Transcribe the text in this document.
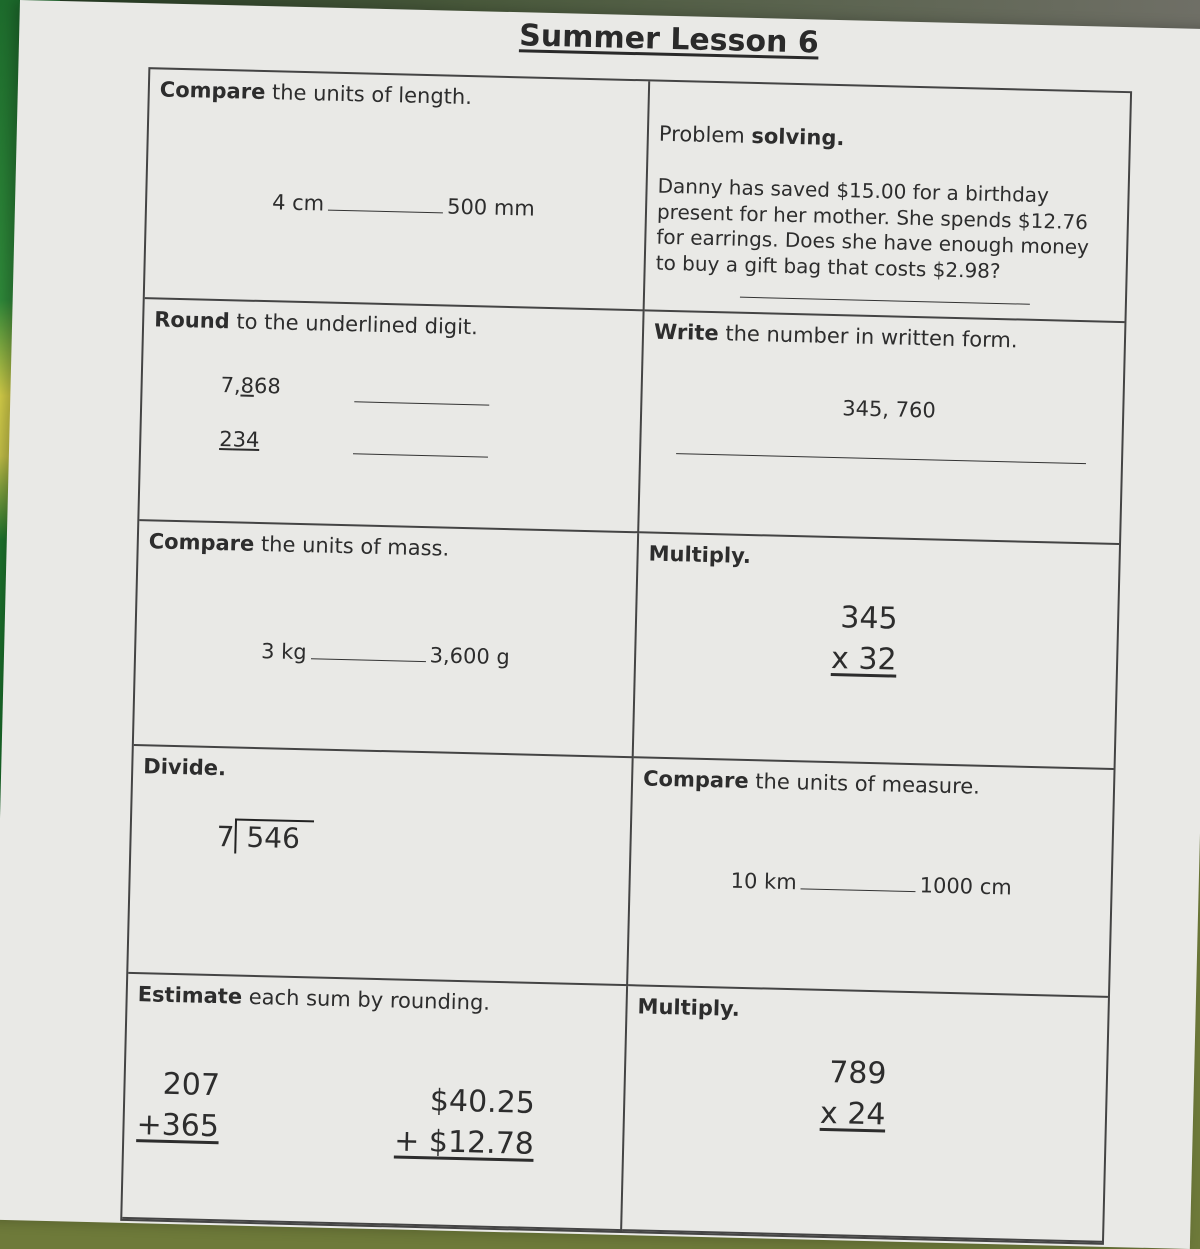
Summer Lesson 6

Compare the units of length.

4 cm	500 mm

Problem solving.

Danny has saved $15.00 for a birthday present for her mother. She spends $12.76 for earrings. Does she have enough money to buy a gift bag that costs $2.98?

Round to the underlined digit.

7,868
234

Write the number in written form.

345, 760

Compare the units of mass.

3 kg	3,600 g

Multiply.

345
x 32

Divide.

7 546

Compare the units of measure.

10 km	1000 cm

Estimate each sum by rounding.

207
+365
$40.25
+ $12.78

Multiply.

789
x 24
